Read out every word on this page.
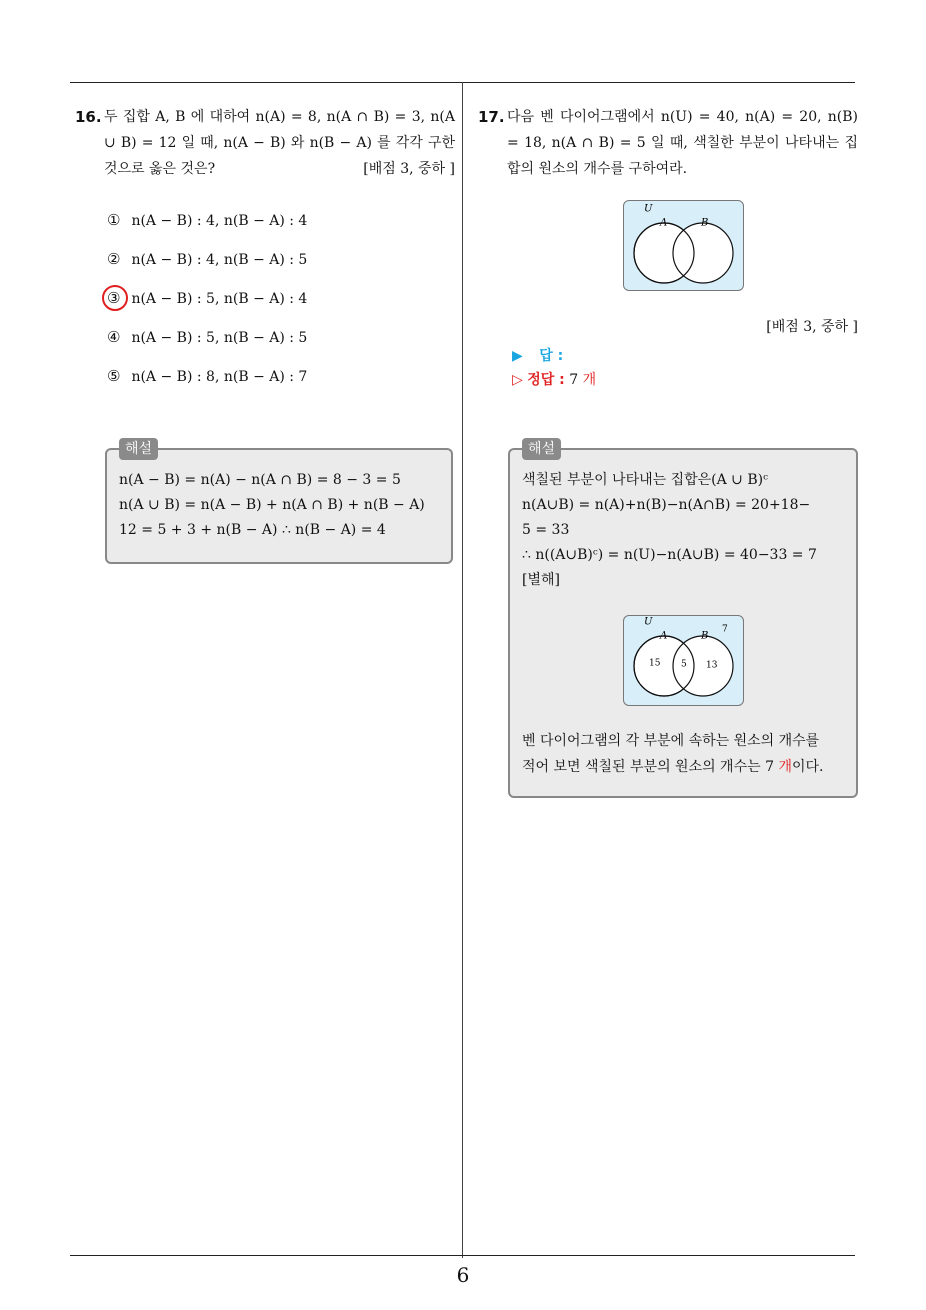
6
16. 두 집합 A, B 에 대하여 n(A) = 8, n(A ∩ B) = 3, n(A ∪ B) = 12 일 때, n(A − B) 와 n(B − A) 를 각각 구한 것으로 옳은 것은?	[배점 3, 중하 ]
① n(A − B) : 4, n(B − A) : 4
② n(A − B) : 4, n(B − A) : 5
③ n(A − B) : 5, n(B − A) : 4
④ n(A − B) : 5, n(B − A) : 5
⑤ n(A − B) : 8, n(B − A) : 7
해설
n(A − B) = n(A) − n(A ∩ B) = 8 − 3 = 5
n(A ∪ B) = n(A − B) + n(A ∩ B) + n(B − A)
12 = 5 + 3 + n(B − A) ∴ n(B − A) = 4
17. 다음 벤 다이어그램에서 n(U) = 40, n(A) = 20, n(B) = 18, n(A ∩ B) = 5 일 때, 색칠한 부분이 나타내는 집합의 원소의 개수를 구하여라.
U
A	B
[배점 3, 중하 ]
▶ 답 :
▷ 정답 : 7 개
해설
색칠된 부분이 나타내는 집합은(A ∪ B)ᶜ
n(A∪B) = n(A)+n(B)−n(A∩B) = 20+18−
5 = 33
∴ n((A∪B)ᶜ) = n(U)−n(A∪B) = 40−33 = 7
[별해]
U
A	B
7
15 5 13
벤 다이어그램의 각 부분에 속하는 원소의 개수를
적어 보면 색칠된 부분의 원소의 개수는 7 개이다.
